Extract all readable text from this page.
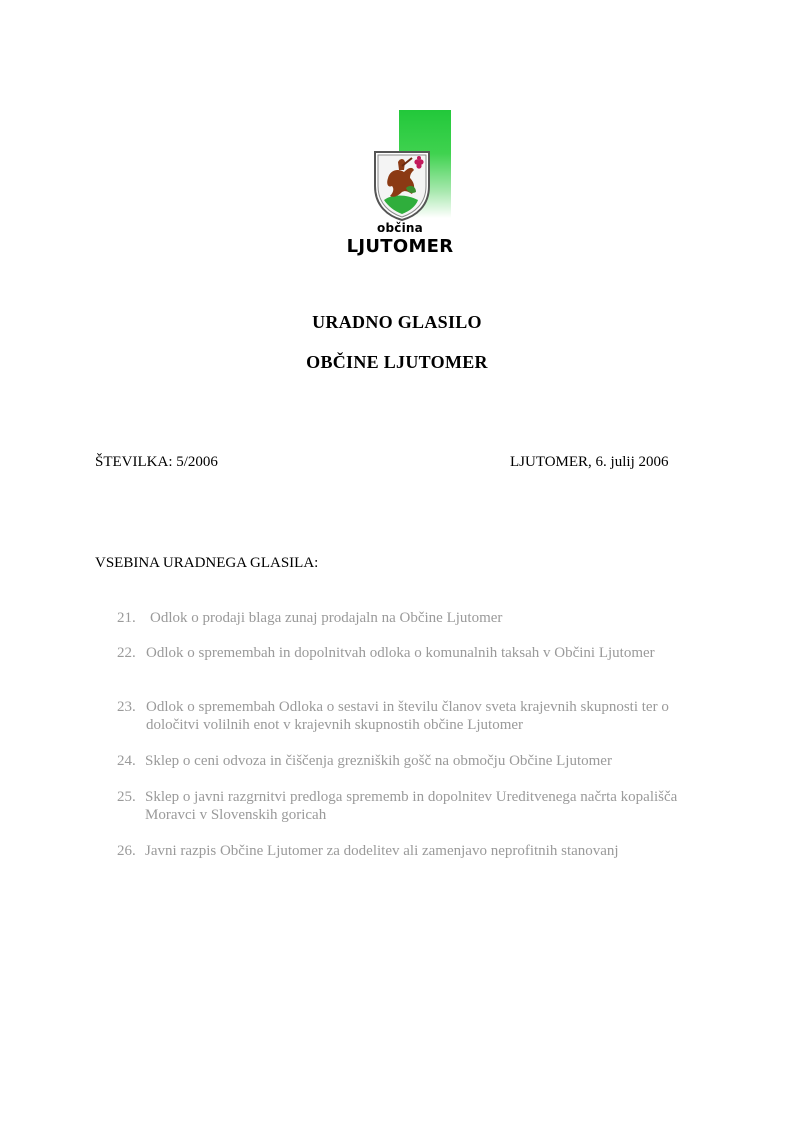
občina
LJUTOMER
URADNO GLASILO
OBČINE LJUTOMER
ŠTEVILKA: 5/2006	LJUTOMER, 6. julij 2006
VSEBINA URADNEGA GLASILA:
21. Odlok o prodaji blaga zunaj prodajaln na Občine Ljutomer
22. Odlok o spremembah in dopolnitvah odloka o komunalnih taksah v Občini Ljutomer
23. Odlok o spremembah Odloka o sestavi in številu članov sveta krajevnih skupnosti ter o določitvi volilnih enot v krajevnih skupnostih občine Ljutomer
24. Sklep o ceni odvoza in čiščenja grezniških gošč na območju Občine Ljutomer
25. Sklep o javni razgrnitvi predloga sprememb in dopolnitev Ureditvenega načrta kopališča Moravci v Slovenskih goricah
26. Javni razpis Občine Ljutomer za dodelitev ali zamenjavo neprofitnih stanovanj
